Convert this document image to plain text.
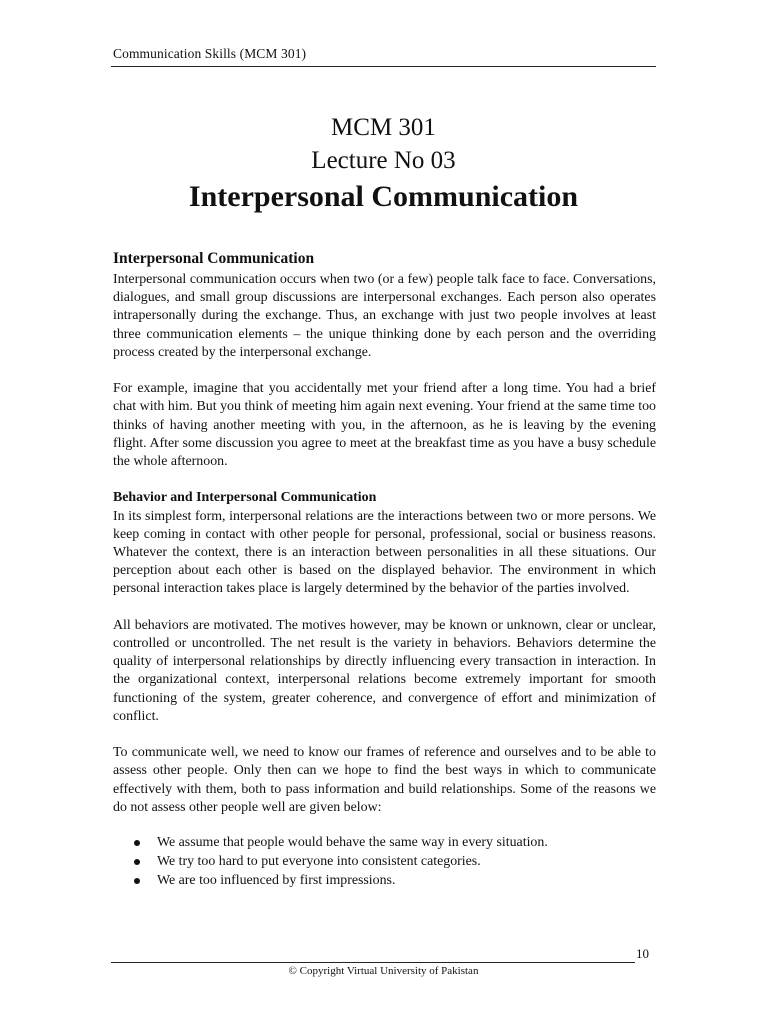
Communication Skills (MCM 301)
MCM 301
Lecture No 03
Interpersonal Communication
Interpersonal Communication

Interpersonal communication occurs when two (or a few) people talk face to face. Conversations, dialogues, and small group discussions are interpersonal exchanges. Each person also operates intrapersonally during the exchange. Thus, an exchange with just two people involves at least three communication elements – the unique thinking done by each person and the overriding process created by the interpersonal exchange.

For example, imagine that you accidentally met your friend after a long time. You had a brief chat with him. But you think of meeting him again next evening. Your friend at the same time too thinks of having another meeting with you, in the afternoon, as he is leaving by the evening flight. After some discussion you agree to meet at the breakfast time as you have a busy schedule the whole afternoon.

Behavior and Interpersonal Communication

In its simplest form, interpersonal relations are the interactions between two or more persons. We keep coming in contact with other people for personal, professional, social or business reasons. Whatever the context, there is an interaction between personalities in all these situations. Our perception about each other is based on the displayed behavior. The environment in which personal interaction takes place is largely determined by the behavior of the parties involved.

All behaviors are motivated. The motives however, may be known or unknown, clear or unclear, controlled or uncontrolled. The net result is the variety in behaviors. Behaviors determine the quality of interpersonal relationships by directly influencing every transaction in interaction. In the organizational context, interpersonal relations become extremely important for smooth functioning of the system, greater coherence, and convergence of effort and minimization of conflict.

To communicate well, we need to know our frames of reference and ourselves and to be able to assess other people. Only then can we hope to find the best ways in which to communicate effectively with them, both to pass information and build relationships. Some of the reasons we do not assess other people well are given below:

We assume that people would behave the same way in every situation.
We try too hard to put everyone into consistent categories.
We are too influenced by first impressions.
10
© Copyright Virtual University of Pakistan
